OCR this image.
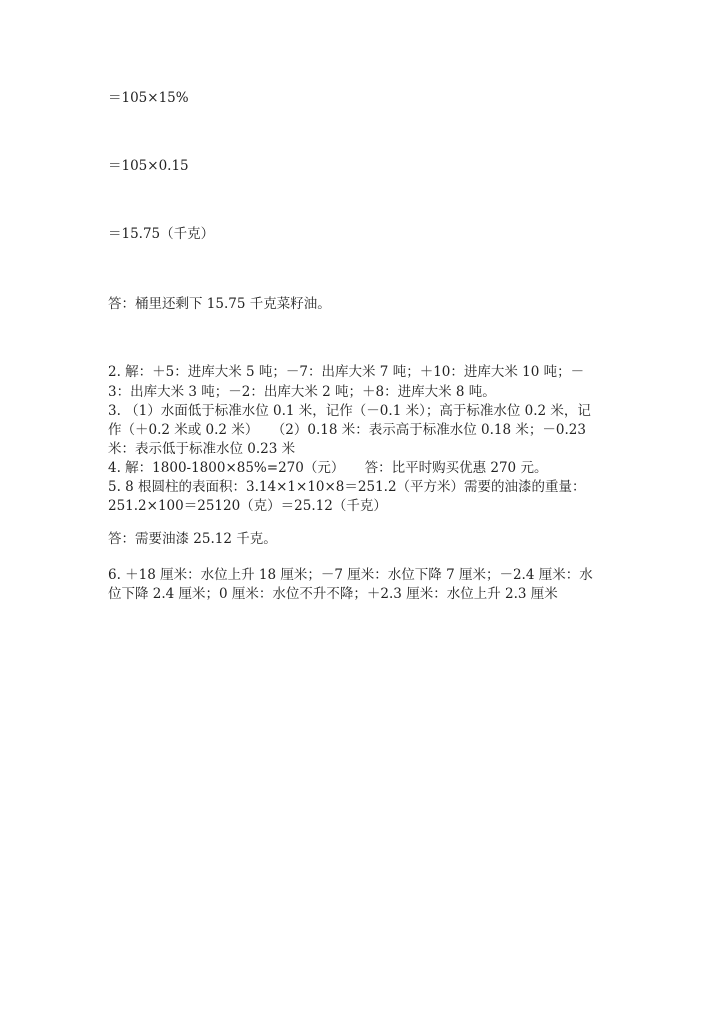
＝105×15%
＝105×0.15
＝15.75（千克）
答：桶里还剩下 15.75 千克菜籽油。
2. 解：＋5：进库大米 5 吨；－7：出库大米 7 吨；＋10：进库大米 10 吨；－
3：出库大米 3 吨；－2：出库大米 2 吨；＋8：进库大米 8 吨。
3. （1）水面低于标准水位 0.1 米，记作（－0.1 米）；高于标准水位 0.2 米，记
作（＋0.2 米或 0.2 米）　　（2）0.18 米：表示高于标准水位 0.18 米；－0.23
米：表示低于标准水位 0.23 米
4. 解：1800-1800×85%=270（元）　　答：比平时购买优惠 270 元。
5. 8 根圆柱的表面积：3.14×1×10×8＝251.2（平方米）需要的油漆的重量：
251.2×100＝25120（克）＝25.12（千克）
答：需要油漆 25.12 千克。
6. ＋18 厘米：水位上升 18 厘米；－7 厘米：水位下降 7 厘米；－2.4 厘米：水
位下降 2.4 厘米；0 厘米：水位不升不降；＋2.3 厘米：水位上升 2.3 厘米
